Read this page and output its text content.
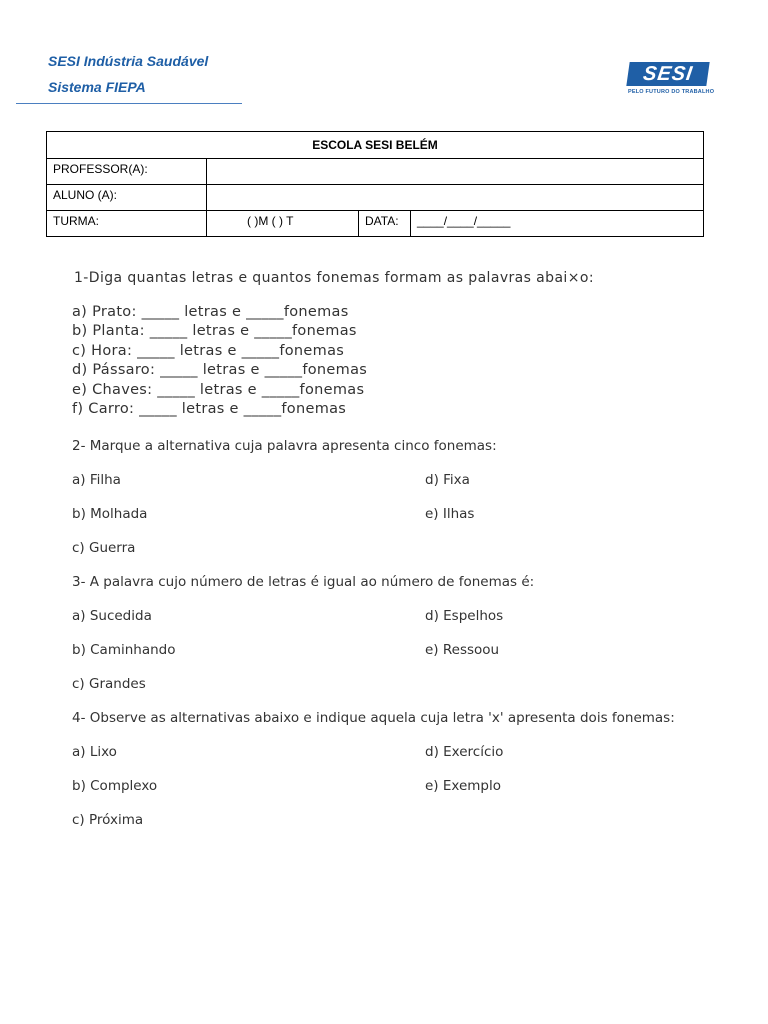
SESI Indústria Saudável
Sistema FIEPA
SESI
PELO FUTURO DO TRABALHO
ESCOLA SESI BELÉM			
PROFESSOR(A):			
ALUNO (A):			
TURMA:	( )M ( ) T	DATA:	____/____/_____
1-Diga quantas letras e quantos fonemas formam as palavras abai×o:
a) Prato: _____ letras e _____fonemas
b) Planta: _____ letras e _____fonemas
c) Hora: _____ letras e _____fonemas
d) Pássaro: _____ letras e _____fonemas
e) Chaves: _____ letras e _____fonemas
f) Carro: _____ letras e _____fonemas
2- Marque a alternativa cuja palavra apresenta cinco fonemas:
a) Filha	d) Fixa
b) Molhada	e) Ilhas
c) Guerra
3- A palavra cujo número de letras é igual ao número de fonemas é:
a) Sucedida	d) Espelhos
b) Caminhando	e) Ressoou
c) Grandes
4- Observe as alternativas abaixo e indique aquela cuja letra 'x' apresenta dois fonemas:
a) Lixo	d) Exercício
b) Complexo	e) Exemplo
c) Próxima
